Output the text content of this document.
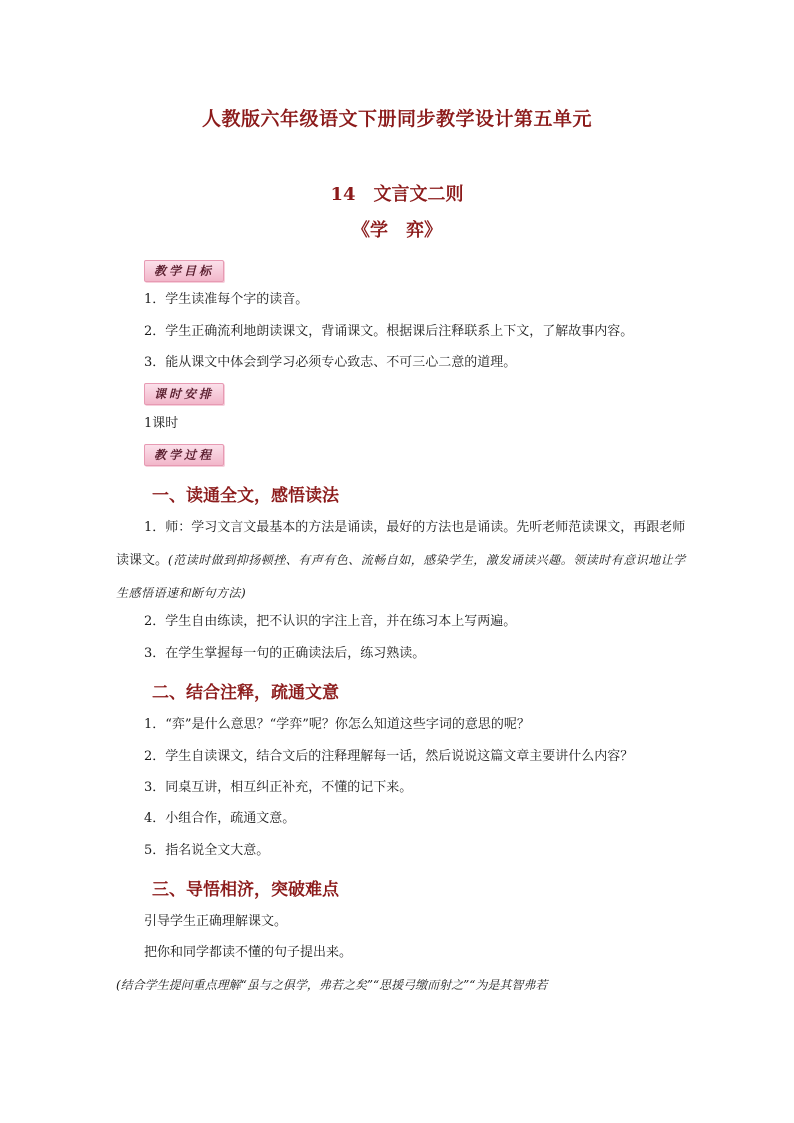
人教版六年级语文下册同步教学设计第五单元
14　文言文二则
《学　弈》
教学目标
1．学生读准每个字的读音。
2．学生正确流利地朗读课文，背诵课文。根据课后注释联系上下文，了解故事内容。
3．能从课文中体会到学习必须专心致志、不可三心二意的道理。
课时安排
1课时
教学过程
一、读通全文，感悟读法
1．师：学习文言文最基本的方法是诵读，最好的方法也是诵读。先听老师范读课文，再跟老师读课文。(范读时做到抑扬顿挫、有声有色、流畅自如，感染学生，激发诵读兴趣。领读时有意识地让学生感悟语速和断句方法)
2．学生自由练读，把不认识的字注上音，并在练习本上写两遍。
3．在学生掌握每一句的正确读法后，练习熟读。
二、结合注释，疏通文意
1．“弈”是什么意思？“学弈”呢？你怎么知道这些字词的意思的呢？
2．学生自读课文，结合文后的注释理解每一话，然后说说这篇文章主要讲什么内容？
3．同桌互讲，相互纠正补充，不懂的记下来。
4．小组合作，疏通文意。
5．指名说全文大意。
三、导悟相济，突破难点
引导学生正确理解课文。
把你和同学都读不懂的句子提出来。
(结合学生提问重点理解“虽与之俱学，弗若之矣”“思援弓缴而射之”“为是其智弗若
